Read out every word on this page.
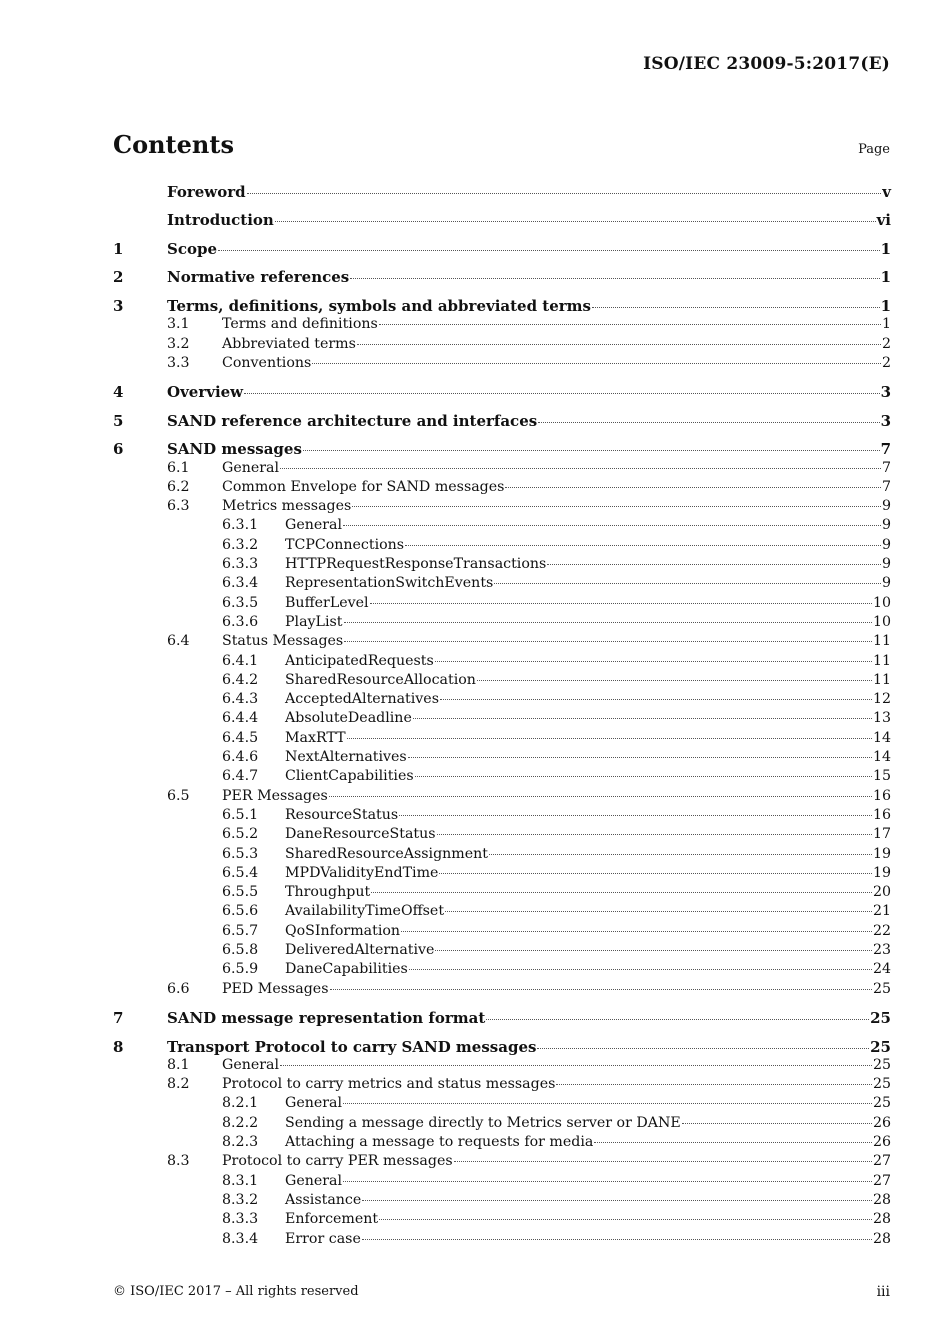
ISO/IEC 23009-5:2017(E)
Contents	Page
Foreword	v
Introduction	vi
1	Scope	1
2	Normative references	1
3	Terms, definitions, symbols and abbreviated terms	1
3.1	Terms and definitions	1
3.2	Abbreviated terms	2
3.3	Conventions	2
4	Overview	3
5	SAND reference architecture and interfaces	3
6	SAND messages	7
6.1	General	7
6.2	Common Envelope for SAND messages	7
6.3	Metrics messages	9
6.3.1	General	9
6.3.2	TCPConnections	9
6.3.3	HTTPRequestResponseTransactions	9
6.3.4	RepresentationSwitchEvents	9
6.3.5	BufferLevel	10
6.3.6	PlayList	10
6.4	Status Messages	11
6.4.1	AnticipatedRequests	11
6.4.2	SharedResourceAllocation	11
6.4.3	AcceptedAlternatives	12
6.4.4	AbsoluteDeadline	13
6.4.5	MaxRTT	14
6.4.6	NextAlternatives	14
6.4.7	ClientCapabilities	15
6.5	PER Messages	16
6.5.1	ResourceStatus	16
6.5.2	DaneResourceStatus	17
6.5.3	SharedResourceAssignment	19
6.5.4	MPDValidityEndTime	19
6.5.5	Throughput	20
6.5.6	AvailabilityTimeOffset	21
6.5.7	QoSInformation	22
6.5.8	DeliveredAlternative	23
6.5.9	DaneCapabilities	24
6.6	PED Messages	25
7	SAND message representation format	25
8	Transport Protocol to carry SAND messages	25
8.1	General	25
8.2	Protocol to carry metrics and status messages	25
8.2.1	General	25
8.2.2	Sending a message directly to Metrics server or DANE	26
8.2.3	Attaching a message to requests for media	26
8.3	Protocol to carry PER messages	27
8.3.1	General	27
8.3.2	Assistance	28
8.3.3	Enforcement	28
8.3.4	Error case	28
© ISO/IEC 2017 – All rights reserved	iii
